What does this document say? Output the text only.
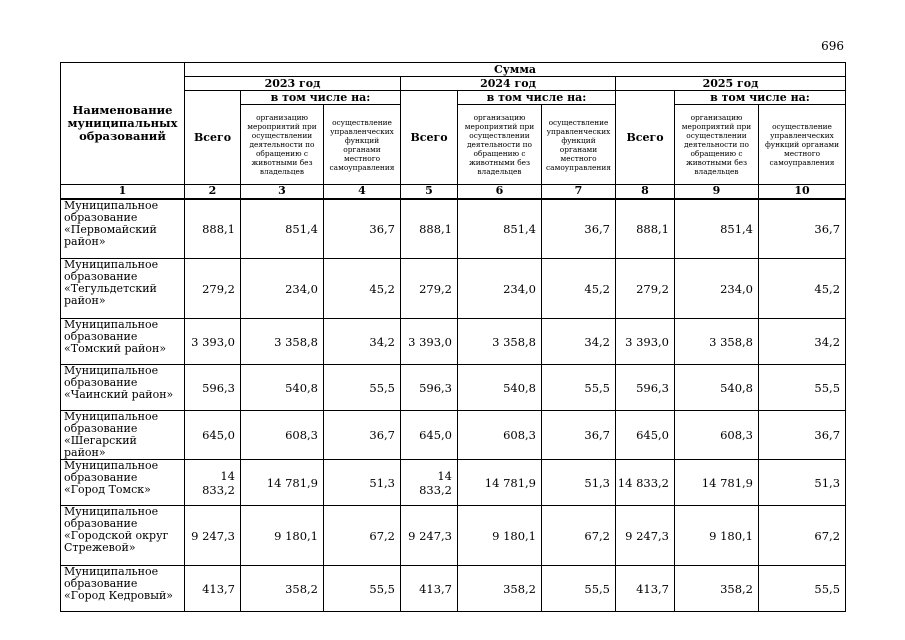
696
Наименование муниципальных образований	Сумма								
	2023 год			2024 год			2025 год		
	Всего	в том числе на:		Всего	в том числе на:		Всего	в том числе на:	
		организацию мероприятий при осуществлении деятельности по обращению с животными без владельцев	осуществление управленческих функций органами местного самоуправления		организацию мероприятий при осуществлении деятельности по обращению с животными без владельцев	осуществление управленческих функций органами местного самоуправления		организацию мероприятий при осуществлении деятельности по обращению с животными без владельцев	осуществление управленческих функций органами местного самоуправления
1	2	3	4	5	6	7	8	9	10
Муниципальное образование «Первомайский район»	888,1	851,4	36,7	888,1	851,4	36,7	888,1	851,4	36,7
Муниципальное образование «Тегульдетский район»	279,2	234,0	45,2	279,2	234,0	45,2	279,2	234,0	45,2
Муниципальное образование «Томский район»	3 393,0	3 358,8	34,2	3 393,0	3 358,8	34,2	3 393,0	3 358,8	34,2
Муниципальное образование «Чаинский район»	596,3	540,8	55,5	596,3	540,8	55,5	596,3	540,8	55,5
Муниципальное образование «Шегарский район»	645,0	608,3	36,7	645,0	608,3	36,7	645,0	608,3	36,7
Муниципальное образование «Город Томск»	14 833,2	14 781,9	51,3	14 833,2	14 781,9	51,3	14 833,2	14 781,9	51,3
Муниципальное образование «Городской округ Стрежевой»	9 247,3	9 180,1	67,2	9 247,3	9 180,1	67,2	9 247,3	9 180,1	67,2
Муниципальное образование «Город Кедровый»	413,7	358,2	55,5	413,7	358,2	55,5	413,7	358,2	55,5
